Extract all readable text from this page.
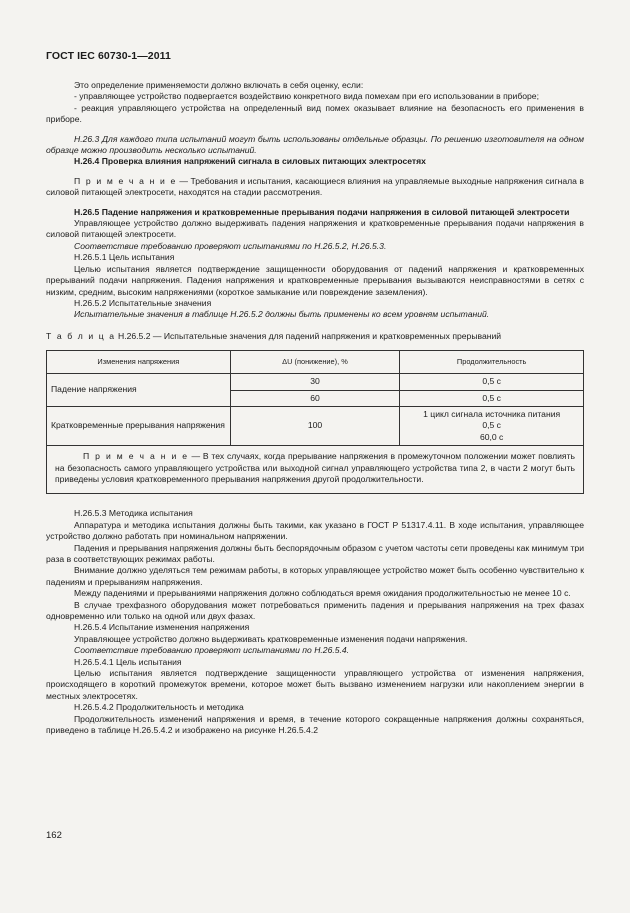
ГОСТ IEC 60730-1—2011

Это определение применяемости должно включать в себя оценку, если:

- управляющее устройство подвергается воздействию конкретного вида помехам при его использовании в приборе;

- реакция управляющего устройства на определенный вид помех оказывает влияние на безопасность его применения в приборе.

Н.26.3 Для каждого типа испытаний могут быть использованы отдельные образцы. По решению изготовителя на одном образце можно производить несколько испытаний.

Н.26.4 Проверка влияния напряжений сигнала в силовых питающих электросетях

П р и м е ч а н и е — Требования и испытания, касающиеся влияния на управляемые выходные напряжения сигнала в силовой питающей электросети, находятся на стадии рассмотрения.

Н.26.5 Падение напряжения и кратковременные прерывания подачи напряжения в силовой питающей электросети

Управляющее устройство должно выдерживать падения напряжения и кратковременные прерывания подачи напряжения в силовой питающей электросети.

Соответствие требованию проверяют испытаниями по Н.26.5.2, Н.26.5.3.

Н.26.5.1 Цель испытания

Целью испытания является подтверждение защищенности оборудования от падений напряжения и кратковременных прерываний подачи напряжения. Падения напряжения и кратковременные прерывания вызываются неисправностями в сетях с низким, средним, высоким напряжениями (короткое замыкание или повреждение заземления).

Н.26.5.2 Испытательные значения

Испытательные значения в таблице Н.26.5.2 должны быть применены ко всем уровням испытаний.

Т а б л и ц а Н.26.5.2 — Испытательные значения для падений напряжения и кратковременных прерываний

Изменения напряжения	ΔU (понижение), %	Продолжительность
Падение напряжения	30	0,5 с
	60	0,5 с
Кратковременные прерывания напряжения	100	1 цикл сигнала источника питания
0,5 с
60,0 с

П р и м е ч а н и е — В тех случаях, когда прерывание напряжения в промежуточном положении может повлиять на безопасность самого управляющего устройства или выходной сигнал управляющего устройства типа 2, в части 2 могут быть приведены условия кратковременного прерывания напряжения другой продолжительности.		

Н.26.5.3 Методика испытания

Аппаратура и методика испытания должны быть такими, как указано в ГОСТ Р 51317.4.11. В ходе испытания, управляющее устройство должно работать при номинальном напряжении.

Падения и прерывания напряжения должны быть беспорядочным образом с учетом частоты сети проведены как минимум три раза в соответствующих режимах работы.

Внимание должно уделяться тем режимам работы, в которых управляющее устройство может быть особенно чувствительно к падениям и прерываниям напряжения.

Между падениями и прерываниями напряжения должно соблюдаться время ожидания продолжительностью не менее 10 с.

В случае трехфазного оборудования может потребоваться применить падения и прерывания напряжения на трех фазах одновременно или только на одной или двух фазах.

Н.26.5.4 Испытание изменения напряжения

Управляющее устройство должно выдерживать кратковременные изменения подачи напряжения.

Соответствие требованию проверяют испытаниями по Н.26.5.4.

Н.26.5.4.1 Цель испытания

Целью испытания является подтверждение защищенности управляющего устройства от изменения напряжения, происходящего в короткий промежуток времени, которое может быть вызвано изменением нагрузки или накоплением энергии в местных электросетях.

Н.26.5.4.2 Продолжительность и методика

Продолжительность изменений напряжения и время, в течение которого сокращенные напряжения должны сохраняться, приведено в таблице Н.26.5.4.2 и изображено на рисунке Н.26.5.4.2

162
